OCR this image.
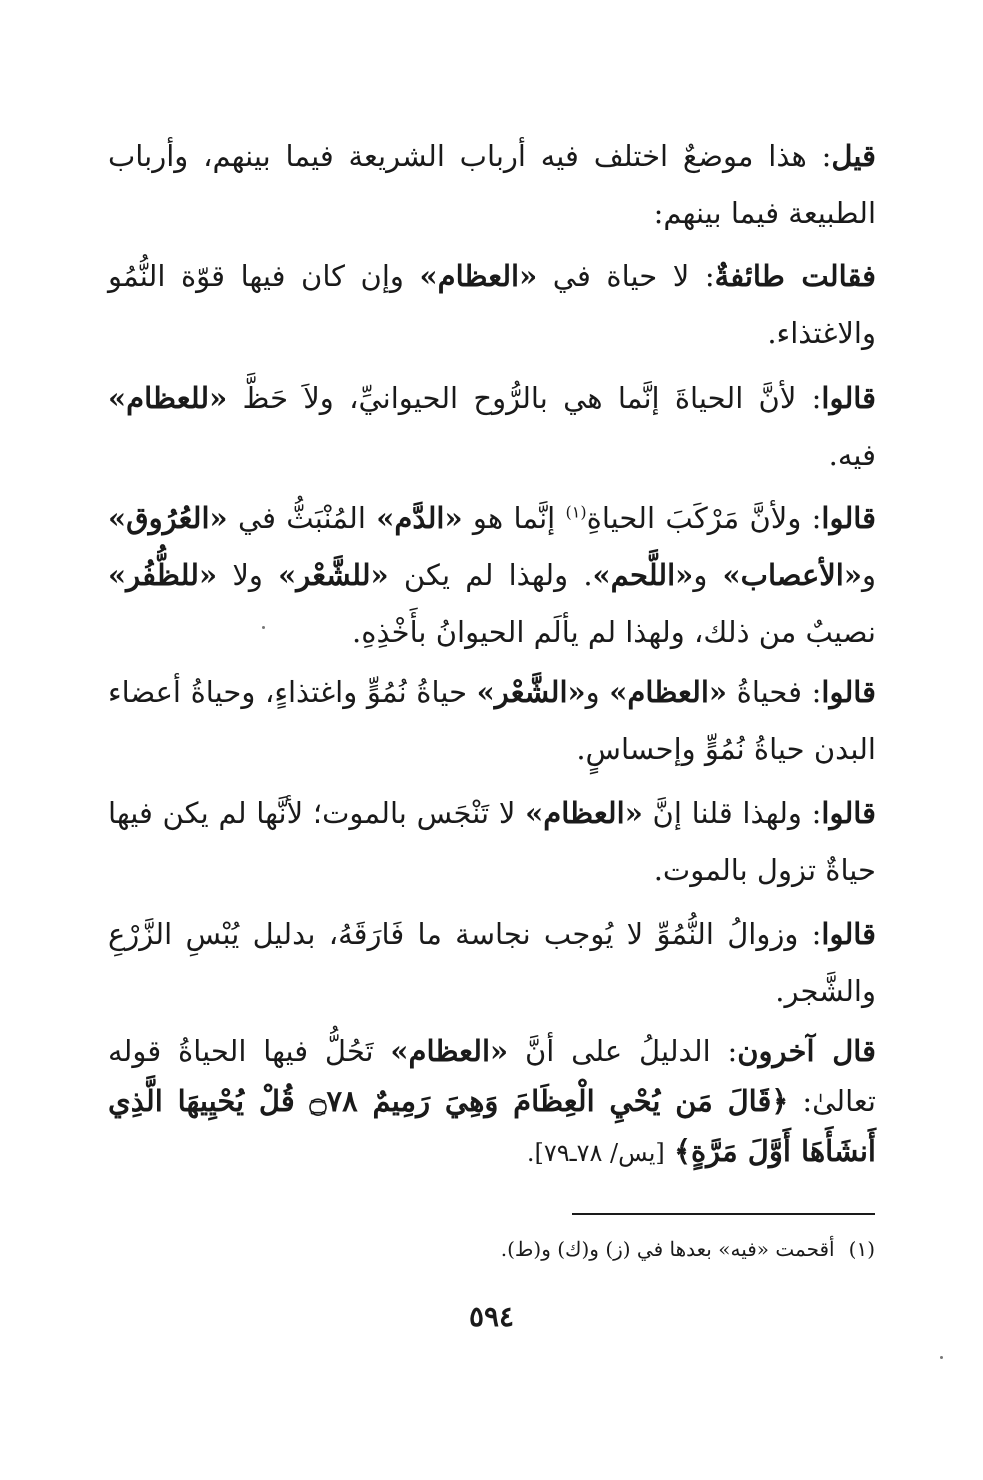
قيل: هذا موضعٌ اختلف فيه أرباب الشريعة فيما بينهم، وأرباب الطبيعة فيما بينهم:
فقالت طائفةٌ: لا حياة في «العظام» وإن كان فيها قوّة النُّمُو والاغتذاء.
قالوا: لأنَّ الحياةَ إنَّما هي بالرُّوح الحيوانيِّ، ولاَ حَظَّ «للعظام» فيه.
قالوا: ولأنَّ مَرْكَبَ الحياةِ$^{(١)}$ إنَّما هو «الدَّم» المُنْبَثُّ في «العُرُوق» و«الأعصاب» و«اللَّحم». ولهذا لم يكن «للشَّعْر» ولا «للظُّفُر» نصيبٌ من ذلك، ولهذا لم يألَم الحيوانُ بأَخْذِهِ.
قالوا: فحياةُ «العظام» و«الشَّعْر» حياةُ نُمُوٍّ واغتذاءٍ، وحياةُ أعضاء البدن حياةُ نُمُوٍّ وإحساسٍ.
قالوا: ولهذا قلنا إنَّ «العظام» لا تَنْجَس بالموت؛ لأنَّها لم يكن فيها حياةٌ تزول بالموت.
قالوا: وزوالُ النُّمُوِّ لا يُوجب نجاسة ما فَارَقَهُ، بدليل يُبْسِ الزَّرْعِ والشَّجر.
قال آخرون: الدليلُ على أنَّ «العظام» تَحُلُّ فيها الحياةُ قوله تعالىٰ: ﴿قَالَ مَن يُحْيِ الْعِظَامَ وَهِيَ رَمِيمٌ ۝٧٨ قُلْ يُحْيِيهَا الَّذِي أَنشَأَهَا أَوَّلَ مَرَّةٍ﴾ [يس/ ٧٨ـ٧٩].
(١)أقحمت «فيه» بعدها في (ز) و(ك) و(ط).
٥٩٤
